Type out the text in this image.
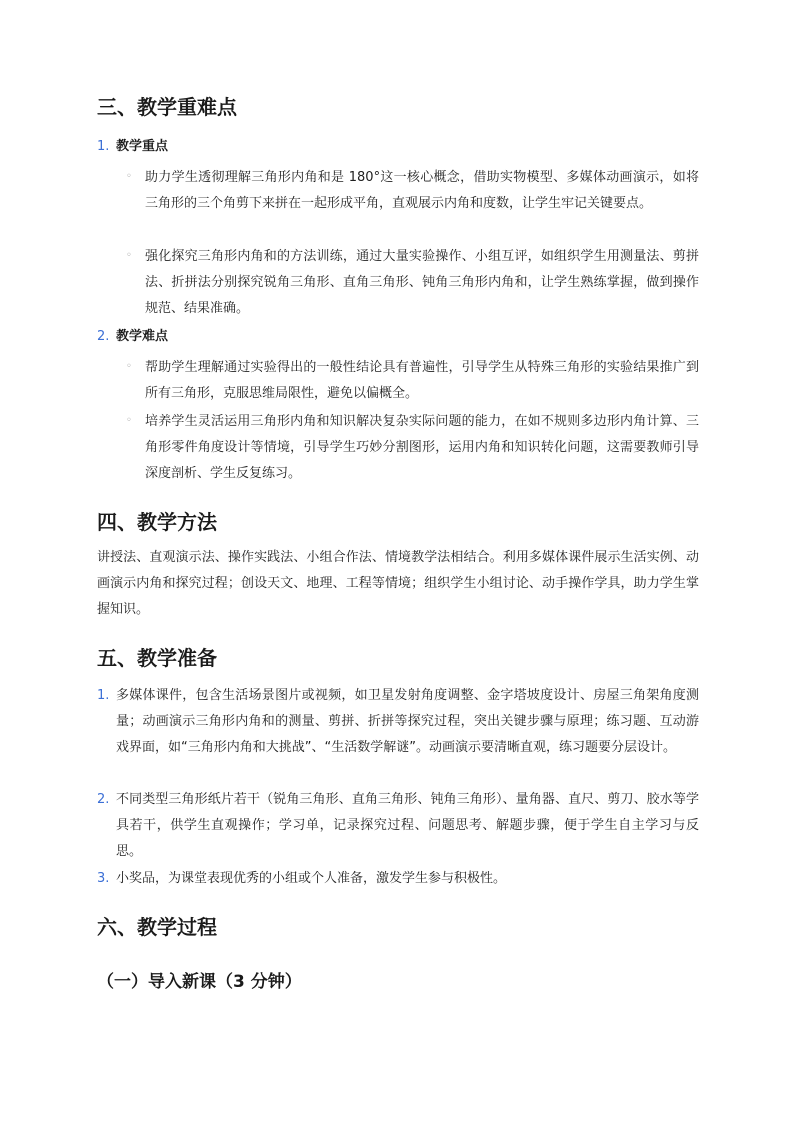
三、教学重难点
1. 教学重点
◦ 助力学生透彻理解三角形内角和是 180°这一核心概念，借助实物模型、多媒体动画演示，如将三角形的三个角剪下来拼在一起形成平角，直观展示内角和度数，让学生牢记关键要点。
◦ 强化探究三角形内角和的方法训练，通过大量实验操作、小组互评，如组织学生用测量法、剪拼法、折拼法分别探究锐角三角形、直角三角形、钝角三角形内角和，让学生熟练掌握，做到操作规范、结果准确。
2. 教学难点
◦ 帮助学生理解通过实验得出的一般性结论具有普遍性，引导学生从特殊三角形的实验结果推广到所有三角形，克服思维局限性，避免以偏概全。
◦ 培养学生灵活运用三角形内角和知识解决复杂实际问题的能力，在如不规则多边形内角计算、三角形零件角度设计等情境，引导学生巧妙分割图形，运用内角和知识转化问题，这需要教师引导深度剖析、学生反复练习。
四、教学方法
讲授法、直观演示法、操作实践法、小组合作法、情境教学法相结合。利用多媒体课件展示生活实例、动画演示内角和探究过程；创设天文、地理、工程等情境；组织学生小组讨论、动手操作学具，助力学生掌握知识。
五、教学准备
1. 多媒体课件，包含生活场景图片或视频，如卫星发射角度调整、金字塔坡度设计、房屋三角架角度测量；动画演示三角形内角和的测量、剪拼、折拼等探究过程，突出关键步骤与原理；练习题、互动游戏界面，如“三角形内角和大挑战”、“生活数学解谜”。动画演示要清晰直观，练习题要分层设计。
2. 不同类型三角形纸片若干（锐角三角形、直角三角形、钝角三角形）、量角器、直尺、剪刀、胶水等学具若干，供学生直观操作；学习单，记录探究过程、问题思考、解题步骤，便于学生自主学习与反思。
3. 小奖品，为课堂表现优秀的小组或个人准备，激发学生参与积极性。
六、教学过程
（一）导入新课（3 分钟）
